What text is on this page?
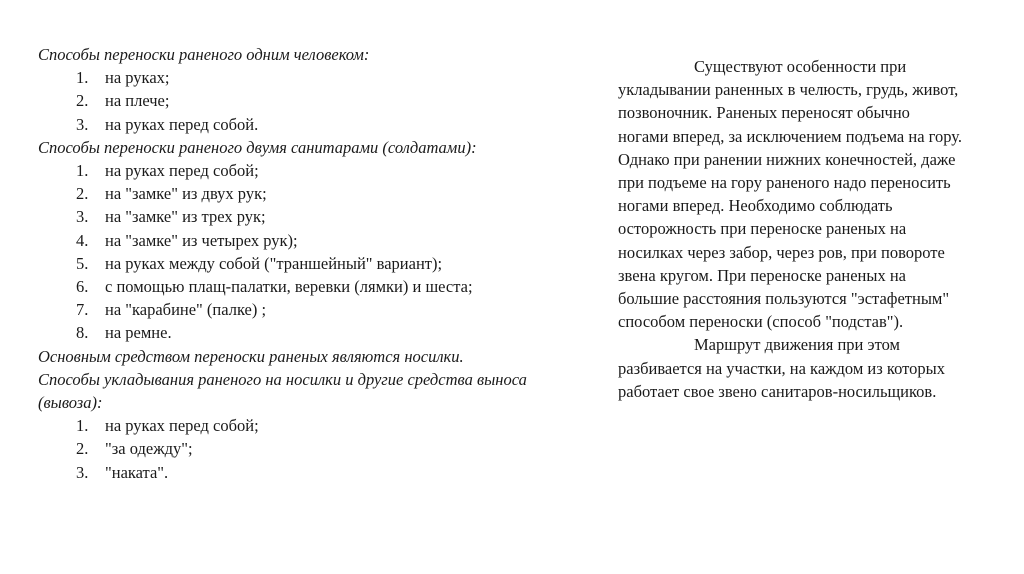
Способы переноски раненого одним человеком:

1.	на руках;
2.	на плече;
3.	на руках перед собой.

Способы переноски раненого двумя санитарами (солдатами):

1.	на руках перед собой;
2.	на "замке" из двух рук;
3.	на "замке" из трех рук;
4.	на "замке" из четырех рук);
5.	на руках между собой ("траншейный" вариант);
6.	с помощью плащ-палатки, веревки (лямки) и шеста;
7.	на "карабине" (палке) ;
8.	на ремне.

Основным средством переноски раненых являются носилки.

Способы укладывания раненого на носилки и другие средства выноса (вывоза):

1.	на руках перед собой;
2.	"за одежду";
3.	"наката".

Существуют особенности при укладывании раненных в челюсть, грудь, живот, позвоночник. Раненых переносят обычно ногами вперед, за исключением подъема на гору. Однако при ранении нижних конечностей, даже при подъеме на гору раненого надо переносить ногами вперед. Необходимо соблюдать осторожность при переноске раненых на носилках через забор, через ров, при повороте звена кругом. При переноске раненых на большие расстояния пользуются "эстафетным" способом переноски (способ "подстав").

Маршрут движения при этом разбивается на участки, на каждом из которых работает свое звено санитаров-носильщиков.
